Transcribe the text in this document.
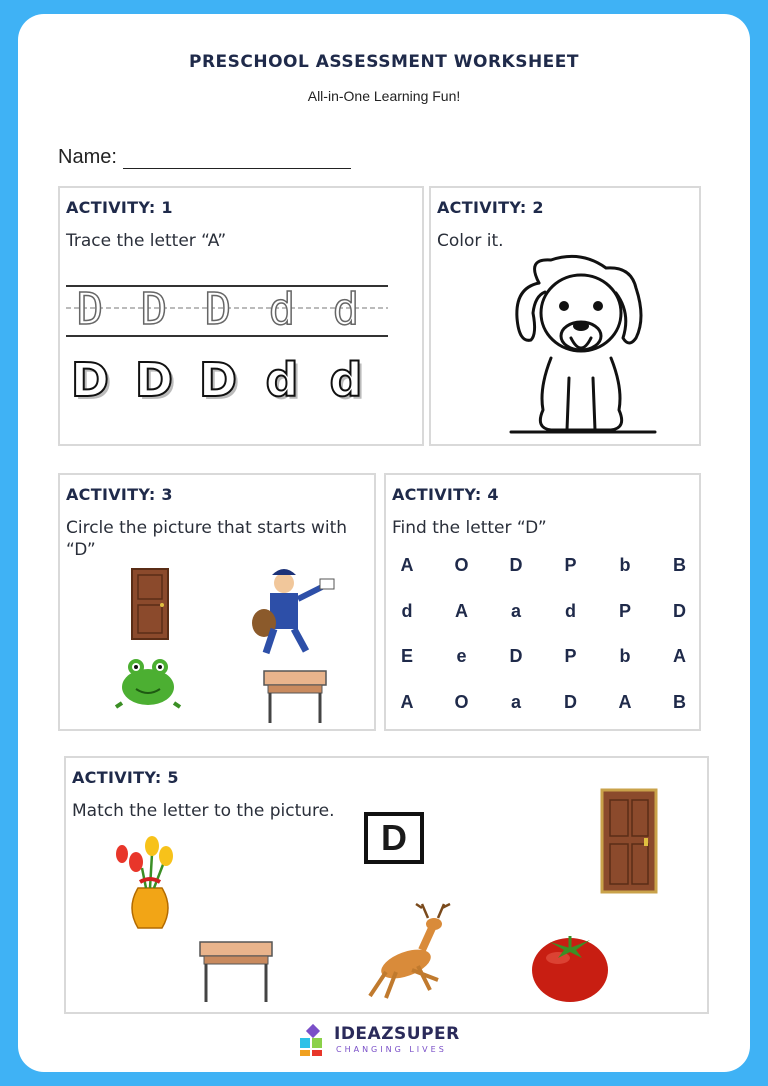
PRESCHOOL ASSESSMENT WORKSHEET
All-in-One Learning Fun!
Name:
ACTIVITY: 1
Trace the letter “A”
D
D
D
D
D
D
d
d
d
d
ACTIVITY: 2
Color it.
ACTIVITY: 3
Circle the picture that starts with “D”
ACTIVITY: 4
Find the letter “D”
A	O	D	P	b	B
d	A	a	d	P	D
E	e	D	P	b	A
A	O	a	D	A	B
ACTIVITY: 5
Match the letter to the picture.
D
IDEAZSUPER
CHANGING LIVES
